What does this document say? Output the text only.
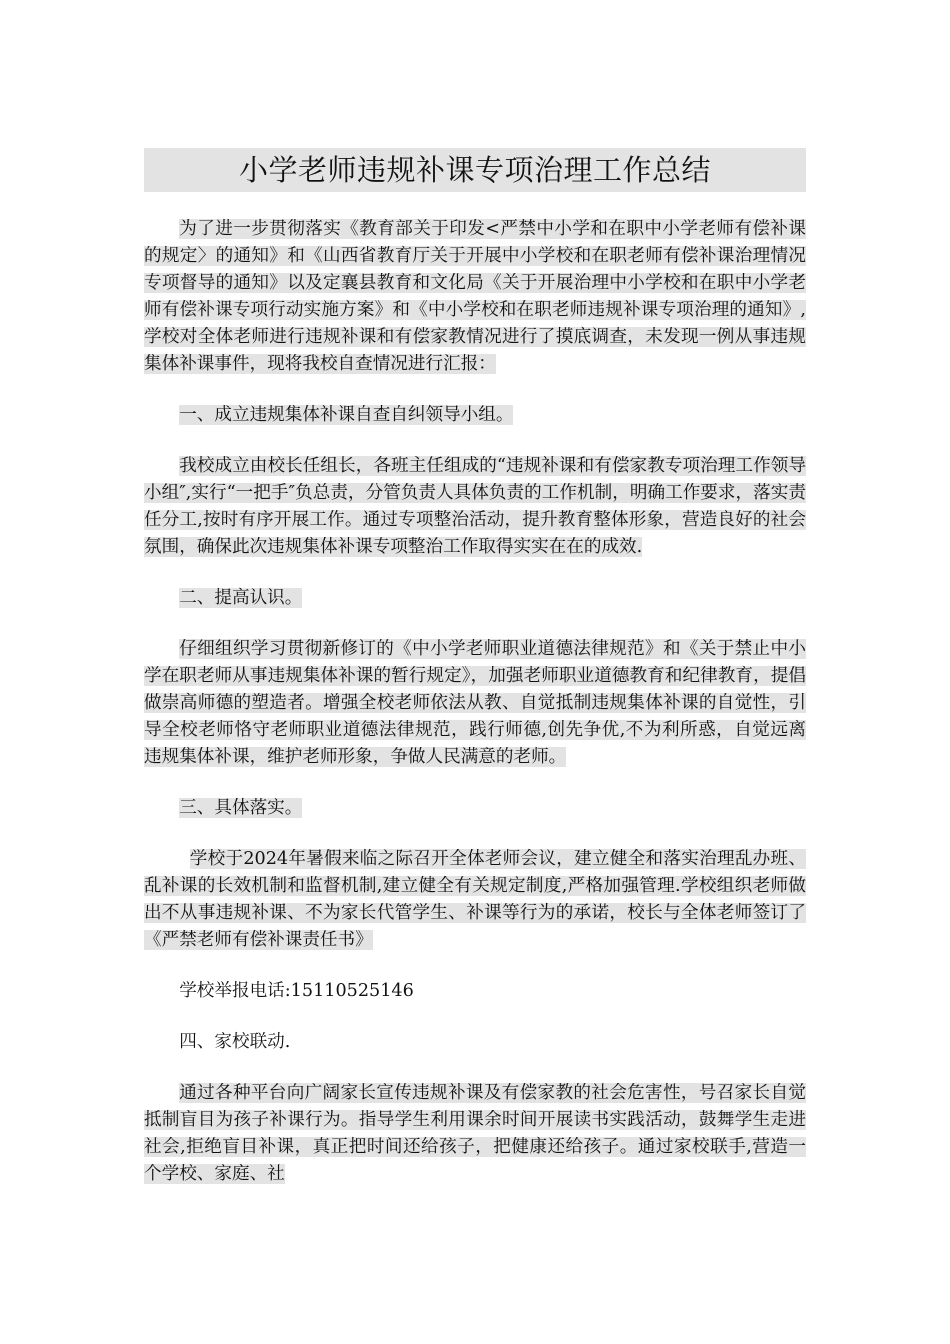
小学老师违规补课专项治理工作总结

为了进一步贯彻落实《教育部关于印发<严禁中小学和在职中小学老师有偿补课的规定〉的通知》和《山西省教育厅关于开展中小学校和在职老师有偿补课治理情况专项督导的通知》以及定襄县教育和文化局《关于开展治理中小学校和在职中小学老师有偿补课专项行动实施方案》和《中小学校和在职老师违规补课专项治理的通知》,学校对全体老师进行违规补课和有偿家教情况进行了摸底调查，未发现一例从事违规集体补课事件，现将我校自查情况进行汇报：

一、成立违规集体补课自查自纠领导小组。

我校成立由校长任组长，各班主任组成的“违规补课和有偿家教专项治理工作领导小组″,实行“一把手″负总责，分管负责人具体负责的工作机制，明确工作要求，落实责任分工,按时有序开展工作。通过专项整治活动，提升教育整体形象，营造良好的社会氛围，确保此次违规集体补课专项整治工作取得实实在在的成效.

二、提高认识。

仔细组织学习贯彻新修订的《中小学老师职业道德法律规范》和《关于禁止中小学在职老师从事违规集体补课的暂行规定》，加强老师职业道德教育和纪律教育，提倡做崇高师德的塑造者。增强全校老师依法从教、自觉抵制违规集体补课的自觉性，引导全校老师恪守老师职业道德法律规范，践行师德,创先争优,不为利所惑，自觉远离违规集体补课，维护老师形象，争做人民满意的老师。

三、具体落实。

学校于2024年暑假来临之际召开全体老师会议，建立健全和落实治理乱办班、乱补课的长效机制和监督机制,建立健全有关规定制度,严格加强管理.学校组织老师做出不从事违规补课、不为家长代管学生、补课等行为的承诺，校长与全体老师签订了《严禁老师有偿补课责任书》

学校举报电话:15110525146

四、家校联动.

通过各种平台向广阔家长宣传违规补课及有偿家教的社会危害性，号召家长自觉抵制盲目为孩子补课行为。指导学生利用课余时间开展读书实践活动，鼓舞学生走进社会,拒绝盲目补课，真正把时间还给孩子，把健康还给孩子。通过家校联手,营造一个学校、家庭、社
